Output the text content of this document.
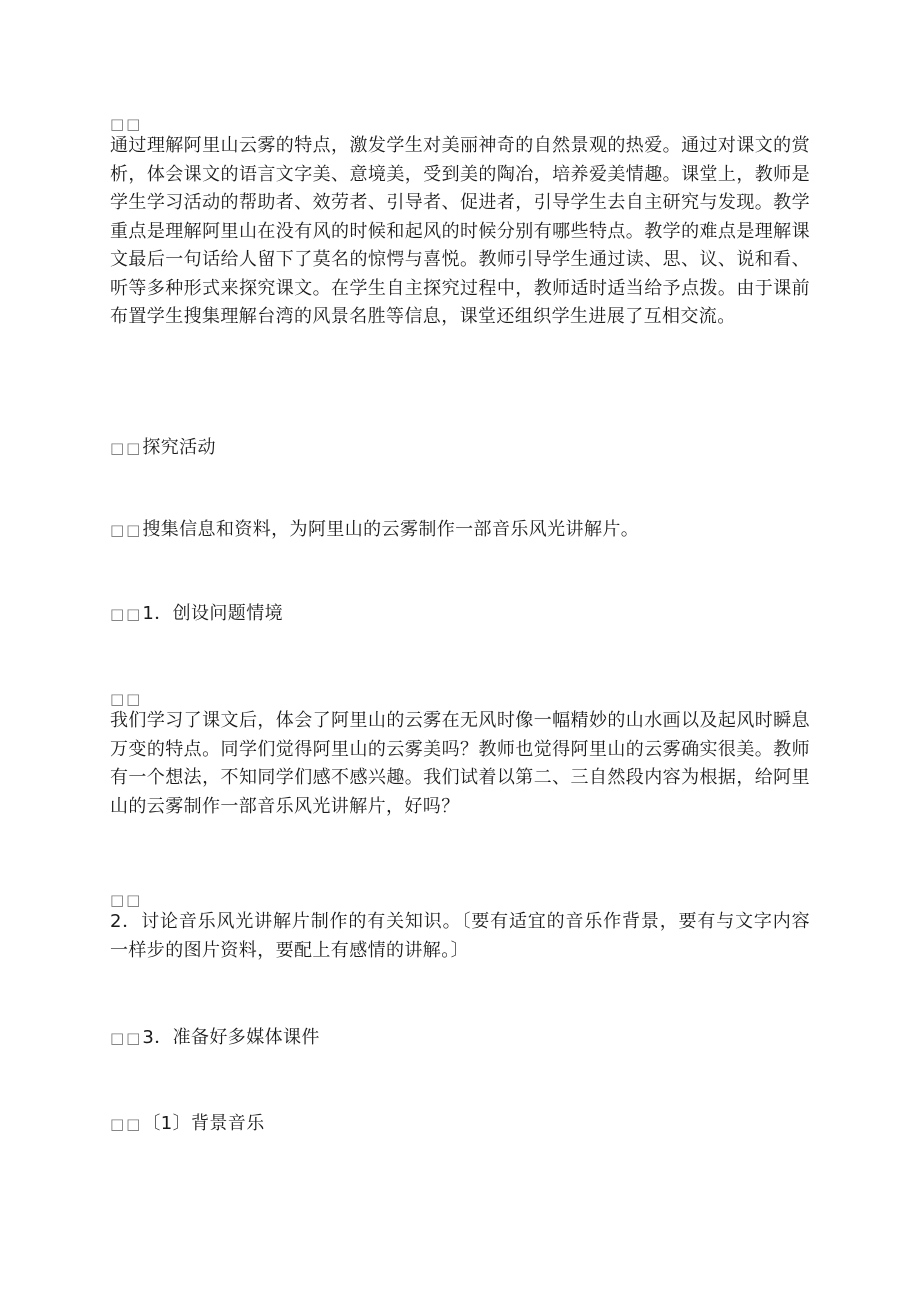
□□
通过理解阿里山云雾的特点，激发学生对美丽神奇的自然景观的热爱。通过对课文的赏析，体会课文的语言文字美、意境美，受到美的陶冶，培养爱美情趣。课堂上，教师是学生学习活动的帮助者、效劳者、引导者、促进者，引导学生去自主研究与发现。教学重点是理解阿里山在没有风的时候和起风的时候分别有哪些特点。教学的难点是理解课文最后一句话给人留下了莫名的惊愕与喜悦。教师引导学生通过读、思、议、说和看、听等多种形式来探究课文。在学生自主探究过程中，教师适时适当给予点拨。由于课前布置学生搜集理解台湾的风景名胜等信息，课堂还组织学生进展了互相交流。
□□探究活动
□□搜集信息和资料，为阿里山的云雾制作一部音乐风光讲解片。
□□1．创设问题情境
□□
我们学习了课文后，体会了阿里山的云雾在无风时像一幅精妙的山水画以及起风时瞬息万变的特点。同学们觉得阿里山的云雾美吗？教师也觉得阿里山的云雾确实很美。教师有一个想法，不知同学们感不感兴趣。我们试着以第二、三自然段内容为根据，给阿里山的云雾制作一部音乐风光讲解片，好吗？
□□
2．讨论音乐风光讲解片制作的有关知识。〔要有适宜的音乐作背景，要有与文字内容一样步的图片资料，要配上有感情的讲解。〕
□□3．准备好多媒体课件
□□〔1〕背景音乐
